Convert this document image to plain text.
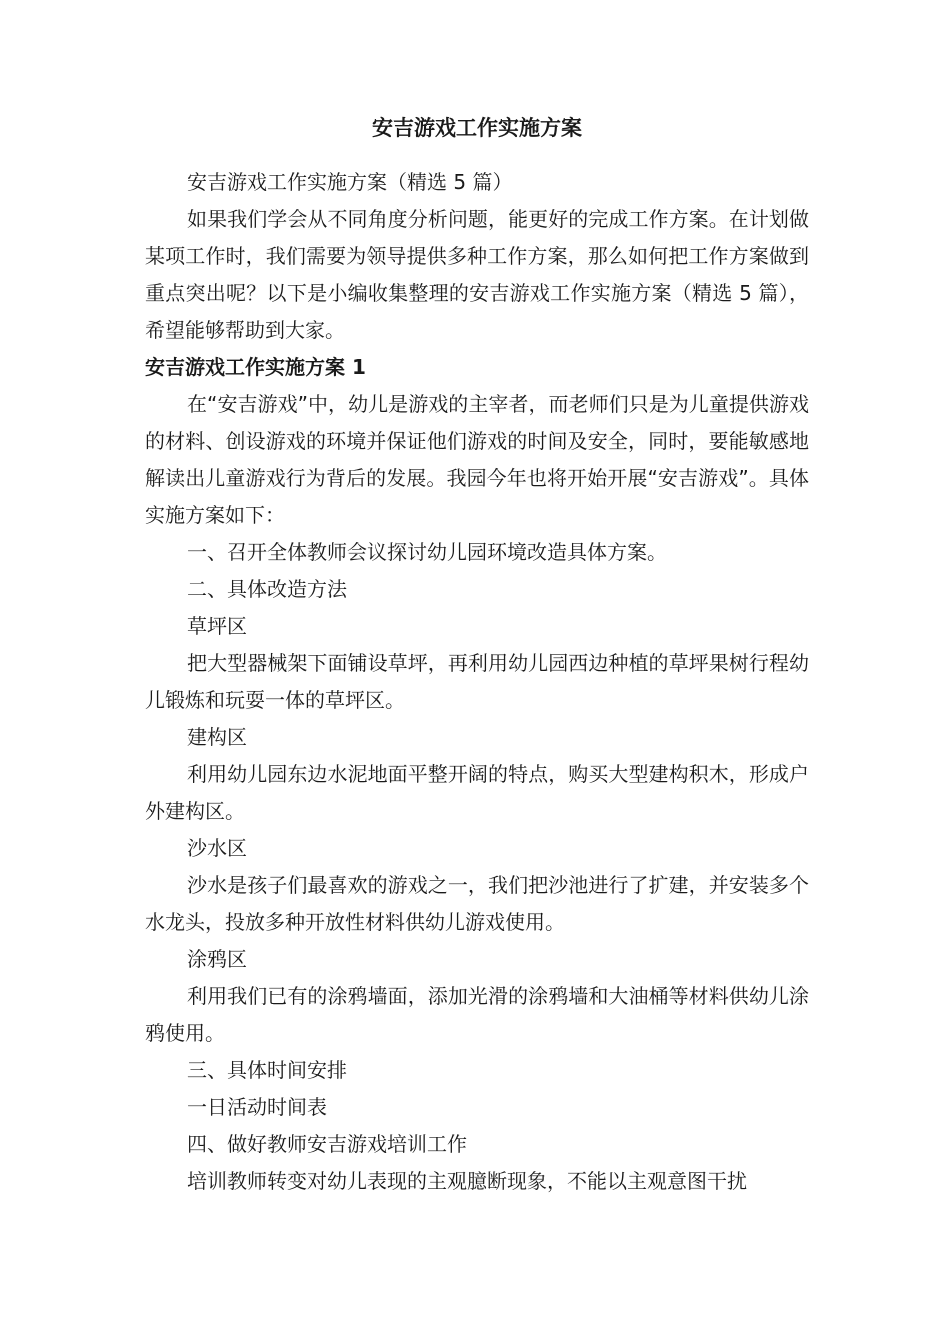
安吉游戏工作实施方案

安吉游戏工作实施方案（精选 5 篇）

如果我们学会从不同角度分析问题，能更好的完成工作方案。在计划做某项工作时，我们需要为领导提供多种工作方案，那么如何把工作方案做到重点突出呢？以下是小编收集整理的安吉游戏工作实施方案（精选 5 篇），希望能够帮助到大家。

安吉游戏工作实施方案 1

在“安吉游戏”中，幼儿是游戏的主宰者，而老师们只是为儿童提供游戏的材料、创设游戏的环境并保证他们游戏的时间及安全，同时，要能敏感地解读出儿童游戏行为背后的发展。我园今年也将开始开展“安吉游戏”。具体实施方案如下：

一、召开全体教师会议探讨幼儿园环境改造具体方案。

二、具体改造方法

草坪区

把大型器械架下面铺设草坪，再利用幼儿园西边种植的草坪果树行程幼儿锻炼和玩耍一体的草坪区。

建构区

利用幼儿园东边水泥地面平整开阔的特点，购买大型建构积木，形成户外建构区。

沙水区

沙水是孩子们最喜欢的游戏之一，我们把沙池进行了扩建，并安装多个水龙头，投放多种开放性材料供幼儿游戏使用。

涂鸦区

利用我们已有的涂鸦墙面，添加光滑的涂鸦墙和大油桶等材料供幼儿涂鸦使用。

三、具体时间安排

一日活动时间表

四、做好教师安吉游戏培训工作

培训教师转变对幼儿表现的主观臆断现象，不能以主观意图干扰
